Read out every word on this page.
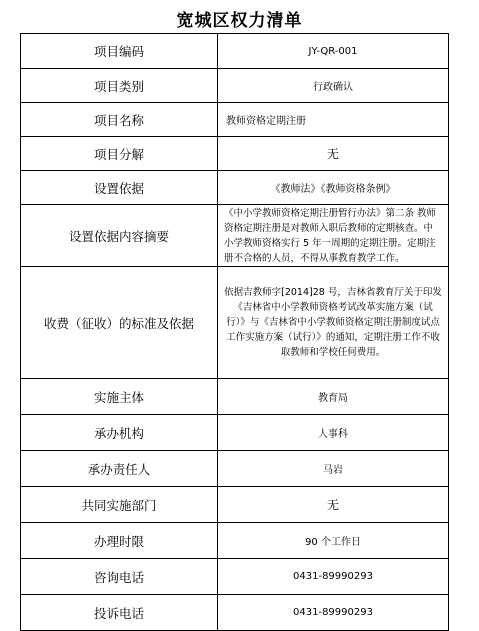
宽城区权力清单
项目编码	JY-QR-001
项目类别	行政确认
项目名称	教师资格定期注册
项目分解	无
设置依据	《教师法》《教师资格条例》
设置依据内容摘要	《中小学教师资格定期注册暂行办法》第二条 教师资格定期注册是对教师入职后教师的定期核查。中小学教师资格实行 5 年一周期的定期注册。定期注册不合格的人员，不得从事教育教学工作。
收费（征收）的标准及依据	依据吉教师字[2014]28 号，吉林省教育厅关于印发《吉林省中小学教师资格考试改革实施方案（试行）》与《吉林省中小学教师资格定期注册制度试点工作实施方案（试行）》的通知，定期注册工作不收取教师和学校任何费用。
实施主体	教育局
承办机构	人事科
承办责任人	马岩
共同实施部门	无
办理时限	90 个工作日
咨询电话	0431-89990293
投诉电话	0431-89990293
